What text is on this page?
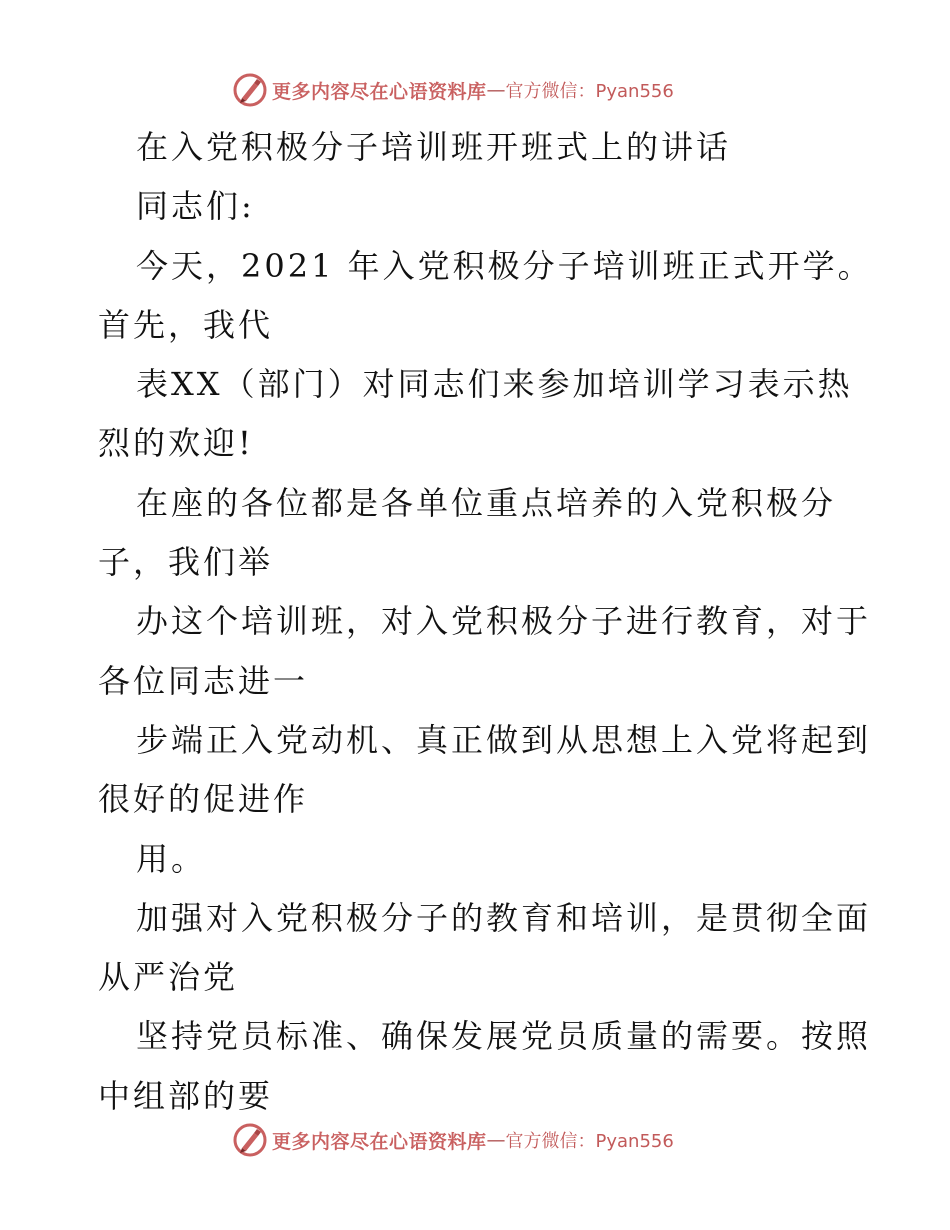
更多内容尽在心语资料库 — 官方微信：Pyan556
在入党积极分子培训班开班式上的讲话
同志们:
今天，2021 年入党积极分子培训班正式开学。
首先，我代
表XX（部门）对同志们来参加培训学习表示热
烈的欢迎!
在座的各位都是各单位重点培养的入党积极分
子，我们举
办这个培训班，对入党积极分子进行教育，对于
各位同志进一
步端正入党动机、真正做到从思想上入党将起到
很好的促进作
用。
加强对入党积极分子的教育和培训，是贯彻全面
从严治党
坚持党员标准、确保发展党员质量的需要。按照
中组部的要
更多内容尽在心语资料库 — 官方微信：Pyan556
